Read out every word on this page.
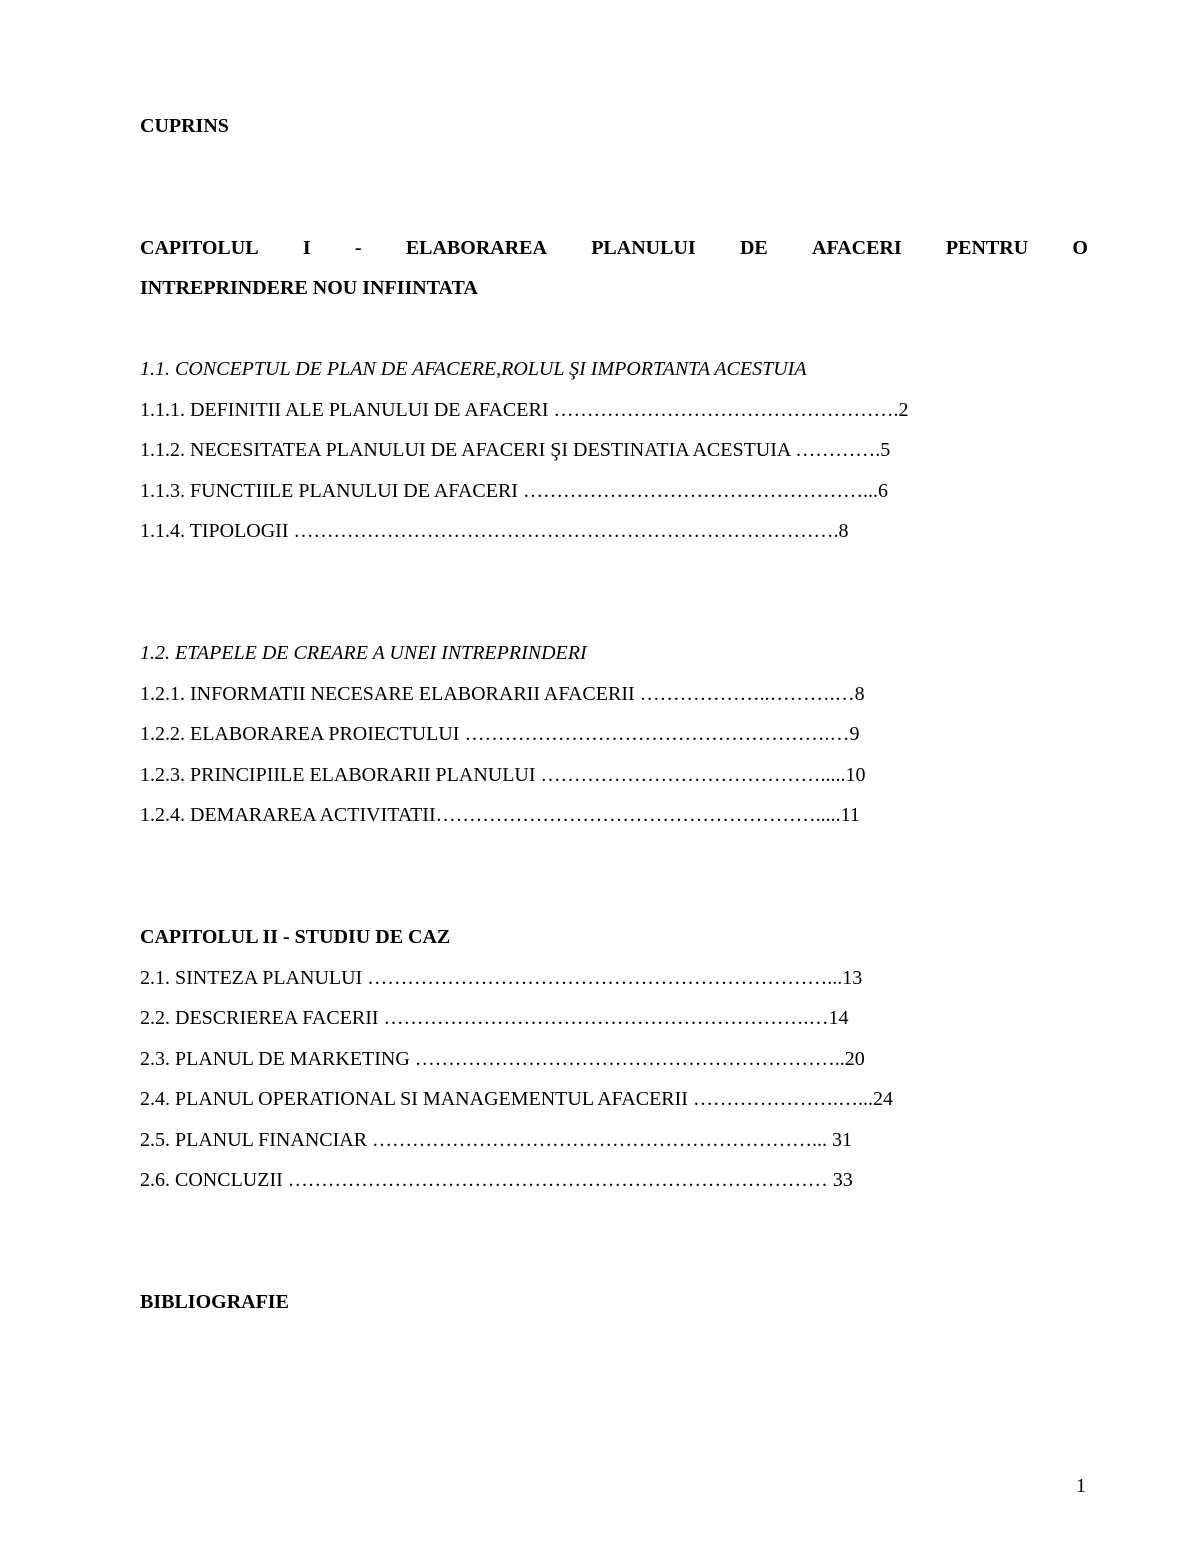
CUPRINS
CAPITOLUL I - ELABORAREA PLANULUI DE AFACERI PENTRU O
INTREPRINDERE NOU INFIINTATA
1.1. CONCEPTUL DE PLAN DE AFACERE,ROLUL ŞI IMPORTANTA ACESTUIA
1.1.1. DEFINITII ALE PLANULUI DE AFACERI …………………………………………….2
1.1.2. NECESITATEA PLANULUI DE AFACERI ŞI DESTINATIA ACESTUIA ………….5
1.1.3. FUNCTIILE PLANULUI DE AFACERI ……………………………………………...6
1.1.4. TIPOLOGII ……………………………………………………………………….8
1.2. ETAPELE DE CREARE A UNEI INTREPRINDERI
1.2.1. INFORMATII NECESARE ELABORARII AFACERII ………………..……….…8
1.2.2. ELABORAREA PROIECTULUI ……………………………………………….…9
1.2.3. PRINCIPIILE ELABORARII PLANULUI …………………………………….....10
1.2.4. DEMARAREA ACTIVITATII………………………………………………….....11
CAPITOLUL II - STUDIU DE CAZ
2.1. SINTEZA PLANULUI ……………………………………………………………...13
2.2. DESCRIEREA FACERII ……………………………………………………….…14
2.3. PLANUL DE MARKETING ………………………………………………………..20
2.4. PLANUL OPERATIONAL SI MANAGEMENTUL AFACERII ………………….…...24
2.5. PLANUL FINANCIAR …………………………………………………………... 31
2.6. CONCLUZII ……………………………………………………………………… 33
BIBLIOGRAFIE
1
